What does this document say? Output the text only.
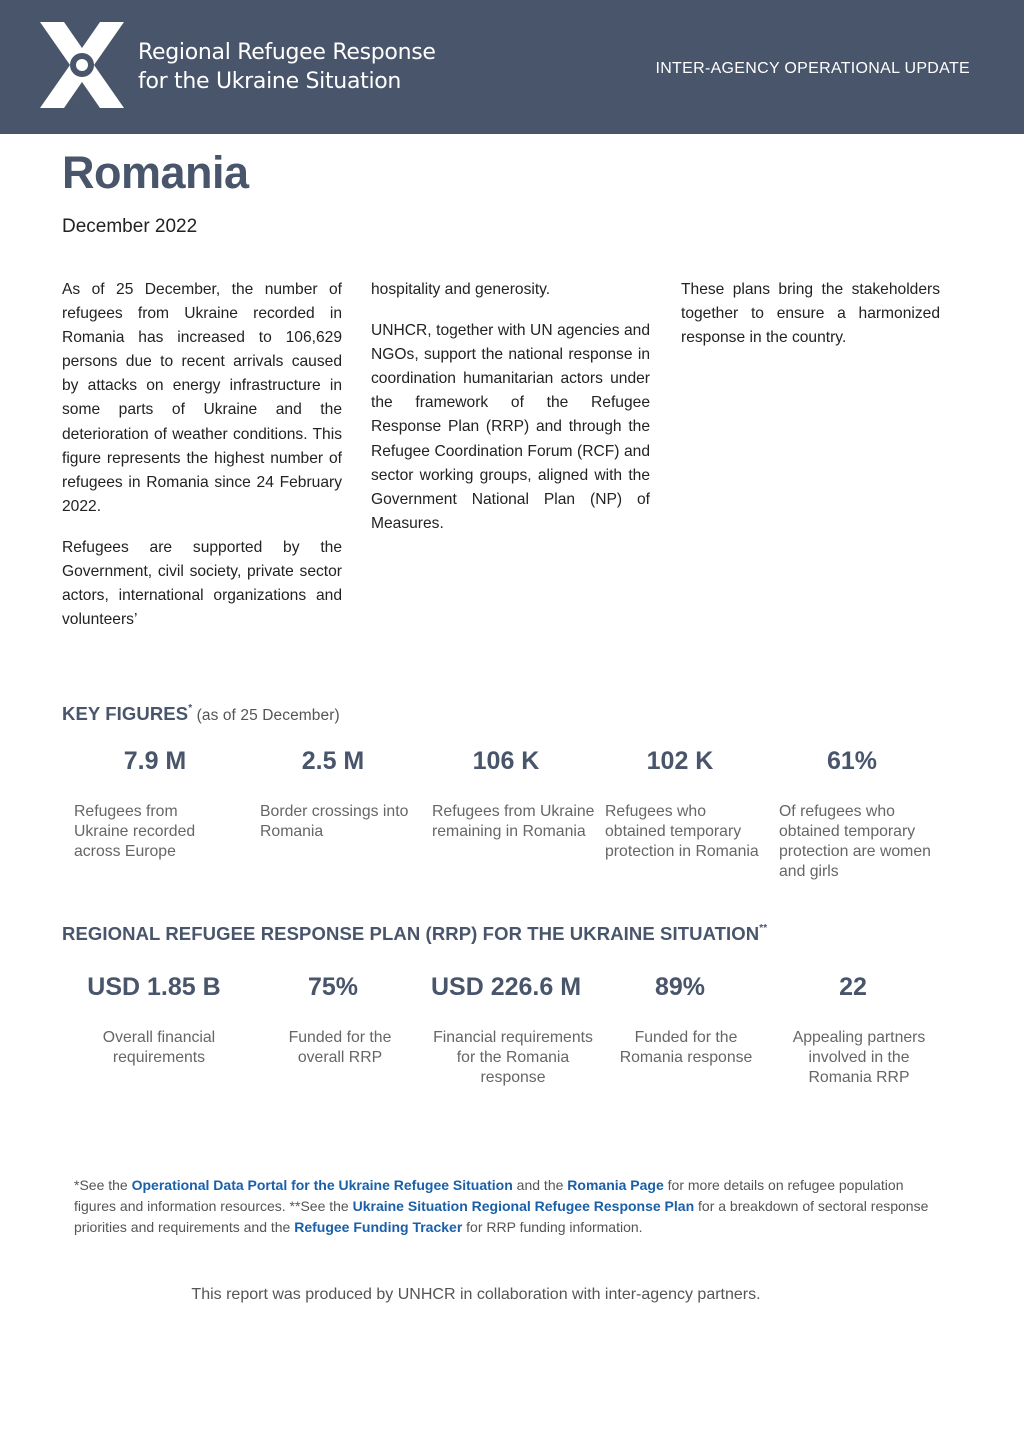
Regional Refugee Response
for the Ukraine Situation
INTER-AGENCY OPERATIONAL UPDATE
Romania
December 2022

As of 25 December, the number of refugees from Ukraine recorded in Romania has increased to 106,629 persons due to recent arrivals caused by attacks on energy infrastructure in some parts of Ukraine and the deterioration of weather conditions. This figure represents the highest number of refugees in Romania since 24 February 2022.

Refugees are supported by the Government, civil society, private sector actors, international organizations and volunteers’

hospitality and generosity.

UNHCR, together with UN agencies and NGOs, support the national response in coordination humanitarian actors under the framework of the Refugee Response Plan (RRP) and through the Refugee Coordination Forum (RCF) and sector working groups, aligned with the Government National Plan (NP) of Measures.

These plans bring the stakeholders together to ensure a harmonized response in the country.

KEY FIGURES* (as of 25 December)
7.9 M
Refugees from Ukraine recorded across Europe
2.5 M
Border crossings into Romania
106 K
Refugees from Ukraine remaining in Romania
102 K
Refugees who obtained temporary protection in Romania
61%
Of refugees who obtained temporary protection are women and girls
REGIONAL REFUGEE RESPONSE PLAN (RRP) FOR THE UKRAINE SITUATION**
USD 1.85 B
Overall financial requirements
75%
Funded for the overall RRP
USD 226.6 M
Financial requirements for the Romania response
89%
Funded for the Romania response
22
Appealing partners involved in the Romania RRP
*See the Operational Data Portal for the Ukraine Refugee Situation and the Romania Page for more details on refugee population figures and information resources. **See the Ukraine Situation Regional Refugee Response Plan for a breakdown of sectoral response priorities and requirements and the Refugee Funding Tracker for RRP funding information.
This report was produced by UNHCR in collaboration with inter-agency partners.
